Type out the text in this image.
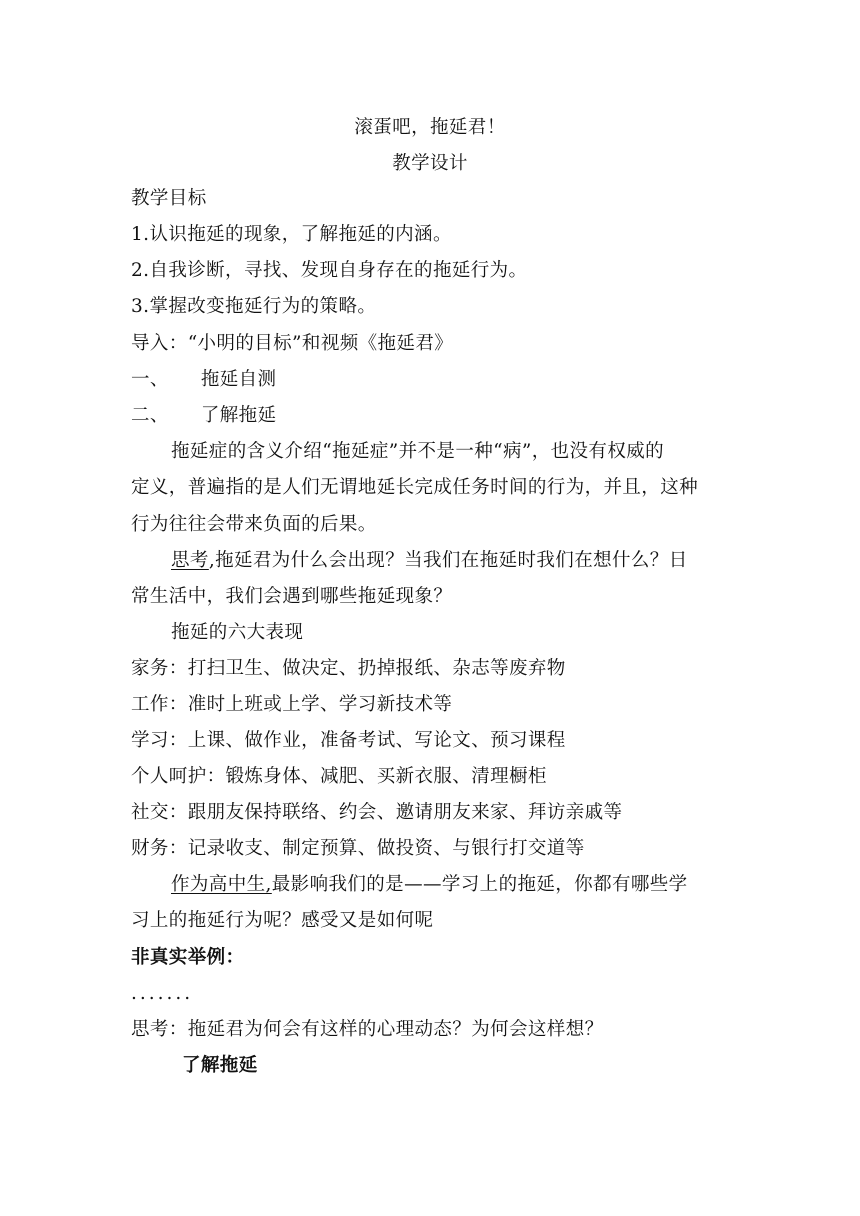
滚蛋吧，拖延君！
教学设计
教学目标
1.认识拖延的现象，了解拖延的内涵。
2.自我诊断，寻找、发现自身存在的拖延行为。
3.掌握改变拖延行为的策略。
导入：“小明的目标”和视频《拖延君》
一、 拖延自测
二、 了解拖延
拖延症的含义介绍“拖延症”并不是一种“病”，也没有权威的
定义，普遍指的是人们无谓地延长完成任务时间的行为，并且，这种
行为往往会带来负面的后果。
思考,拖延君为什么会出现？当我们在拖延时我们在想什么？日
常生活中，我们会遇到哪些拖延现象？
拖延的六大表现
家务：打扫卫生、做决定、扔掉报纸、杂志等废弃物
工作：准时上班或上学、学习新技术等
学习：上课、做作业，准备考试、写论文、预习课程
个人呵护：锻炼身体、减肥、买新衣服、清理橱柜
社交：跟朋友保持联络、约会、邀请朋友来家、拜访亲戚等
财务：记录收支、制定预算、做投资、与银行打交道等
作为高中生,最影响我们的是——学习上的拖延，你都有哪些学
习上的拖延行为呢？感受又是如何呢
非真实举例：
.......
思考：拖延君为何会有这样的心理动态？为何会这样想？
了解拖延
